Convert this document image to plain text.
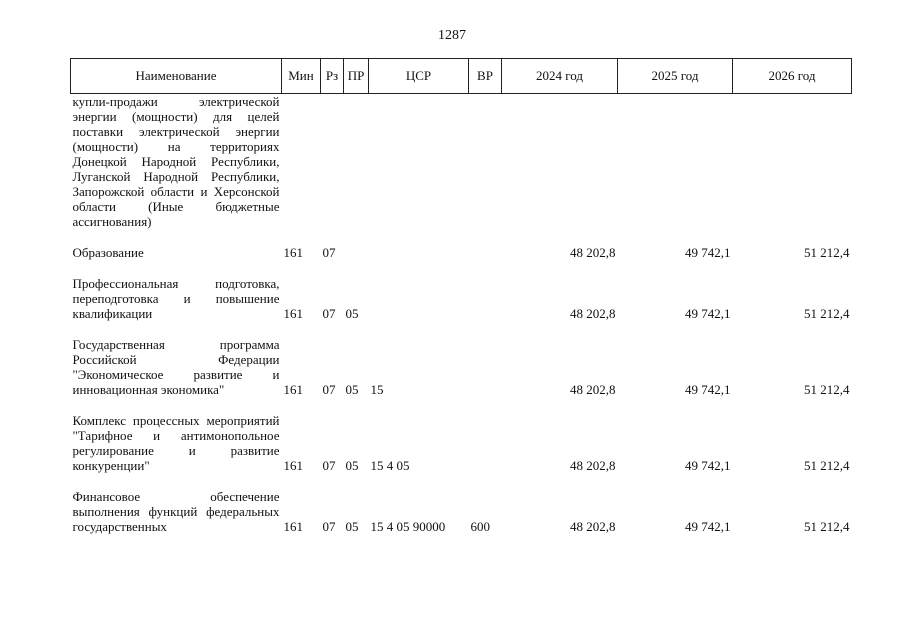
1287
Наименование	Мин	Рз	ПР	ЦСР	ВР	2024 год	2025 год	2026 год
купли-продажи электрической энергии (мощности) для целей поставки электрической энергии (мощности) на территориях Донецкой Народной Республики, Луганской Народной Республики, Запорожской области и Херсонской области (Иные бюджетные ассигнования)								

Образование	161	07				48 202,8	49 742,1	51 212,4

Профессиональная подготовка, переподготовка и повышение квалификации	161	07	05			48 202,8	49 742,1	51 212,4

Государственная программа Российской Федерации "Экономическое развитие и инновационная экономика"	161	07	05	15		48 202,8	49 742,1	51 212,4

Комплекс процессных мероприятий "Тарифное и антимонопольное регулирование и развитие конкуренции"	161	07	05	15 4 05		48 202,8	49 742,1	51 212,4

Финансовое обеспечение выполнения функций федеральных государственных	161	07	05	15 4 05 90000	600	48 202,8	49 742,1	51 212,4
